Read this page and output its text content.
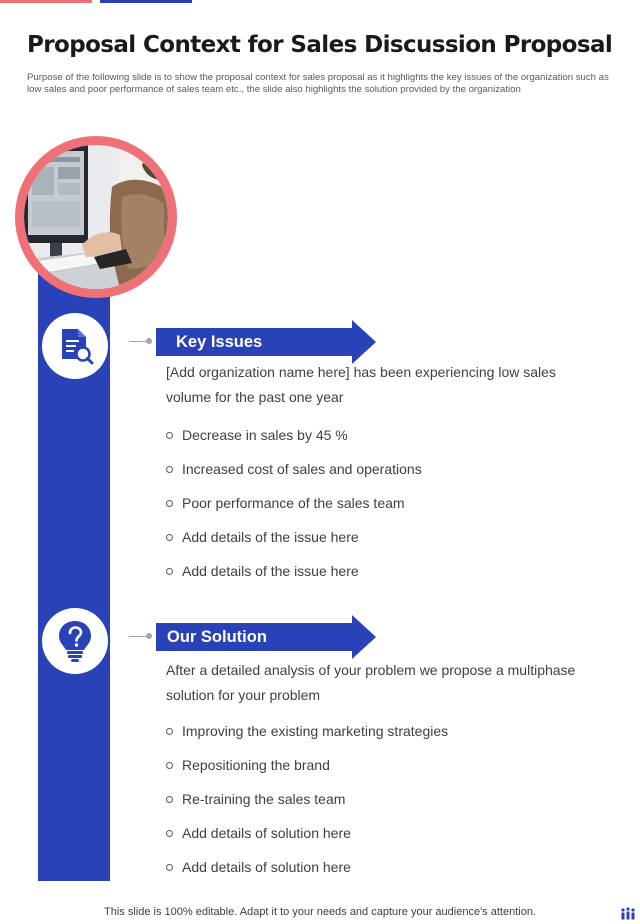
Proposal Context for Sales Discussion Proposal

Purpose of the following slide is to show the proposal context for sales proposal as it highlights the key issues of the organization such as low sales and poor performance of sales team etc., the slide also highlights the solution provided by the organization

Key Issues

[Add organization name here] has been experiencing low sales volume for the past one year

Decrease in sales by 45 %
Increased cost of sales and operations
Poor performance of the sales team
Add details of the issue here
Add details of the issue here
Our Solution

After a detailed analysis of your problem we propose a multiphase solution for your problem

Improving the existing marketing strategies
Repositioning the brand
Re-training the sales team
Add details of solution here
Add details of solution here

This slide is 100% editable. Adapt it to your needs and capture your audience's attention.
